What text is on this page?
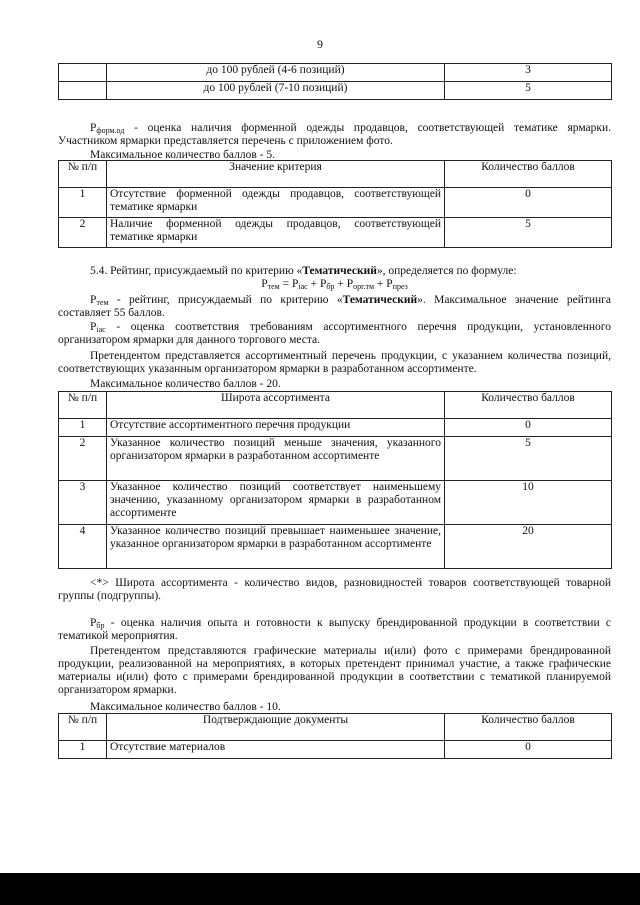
9
	до 100 рублей (4-6 позиций)	3
	до 100 рублей (7-10 позиций)	5
$Р_{форм.од}$ - оценка наличия форменной одежды продавцов, соответствующей тематике ярмарки. Участником ярмарки представляется перечень с приложением фото.
Максимальное количество баллов - 5.
№ п/п	Значение критерия	Количество баллов
1	Отсутствие форменной одежды продавцов, соответствующей тематике ярмарки	0
2	Наличие форменной одежды продавцов, соответствующей тематике ярмарки	5
5.4. Рейтинг, присуждаемый по критерию «Тематический», определяется по формуле:
$Р_{тем} = Р_{iac} + Р_{бр} + Р_{орг.тм} + Р_{през}$
$Р_{тем}$ - рейтинг, присуждаемый по критерию «Тематический». Максимальное значение рейтинга составляет 55 баллов.
$Р_{iac}$ - оценка соответствия требованиям ассортиментного перечня продукции, установленного организатором ярмарки для данного торгового места.
Претендентом представляется ассортиментный перечень продукции, с указанием количества позиций, соответствующих указанным организатором ярмарки в разработанном ассортименте.
Максимальное количество баллов - 20.
№ п/п	Широта ассортимента	Количество баллов
1	Отсутствие ассортиментного перечня продукции	0
2	Указанное количество позиций меньше значения, указанного организатором ярмарки в разработанном ассортименте	5
3	Указанное количество позиций соответствует наименьшему значению, указанному организатором ярмарки в разработанном ассортименте	10
4	Указанное количество позиций превышает наименьшее значение, указанное организатором ярмарки в разработанном ассортименте	20
<*> Широта ассортимента - количество видов, разновидностей товаров соответствующей товарной группы (подгруппы).
$Р_{бр}$ - оценка наличия опыта и готовности к выпуску брендированной продукции в соответствии с тематикой мероприятия.
Претендентом представляются графические материалы и(или) фото с примерами брендированной продукции, реализованной на мероприятиях, в которых претендент принимал участие, а также графические материалы и(или) фото с примерами брендированной продукции в соответствии с тематикой планируемой организатором ярмарки.
Максимальное количество баллов - 10.
№ п/п	Подтверждающие документы	Количество баллов
1	Отсутствие материалов	0
